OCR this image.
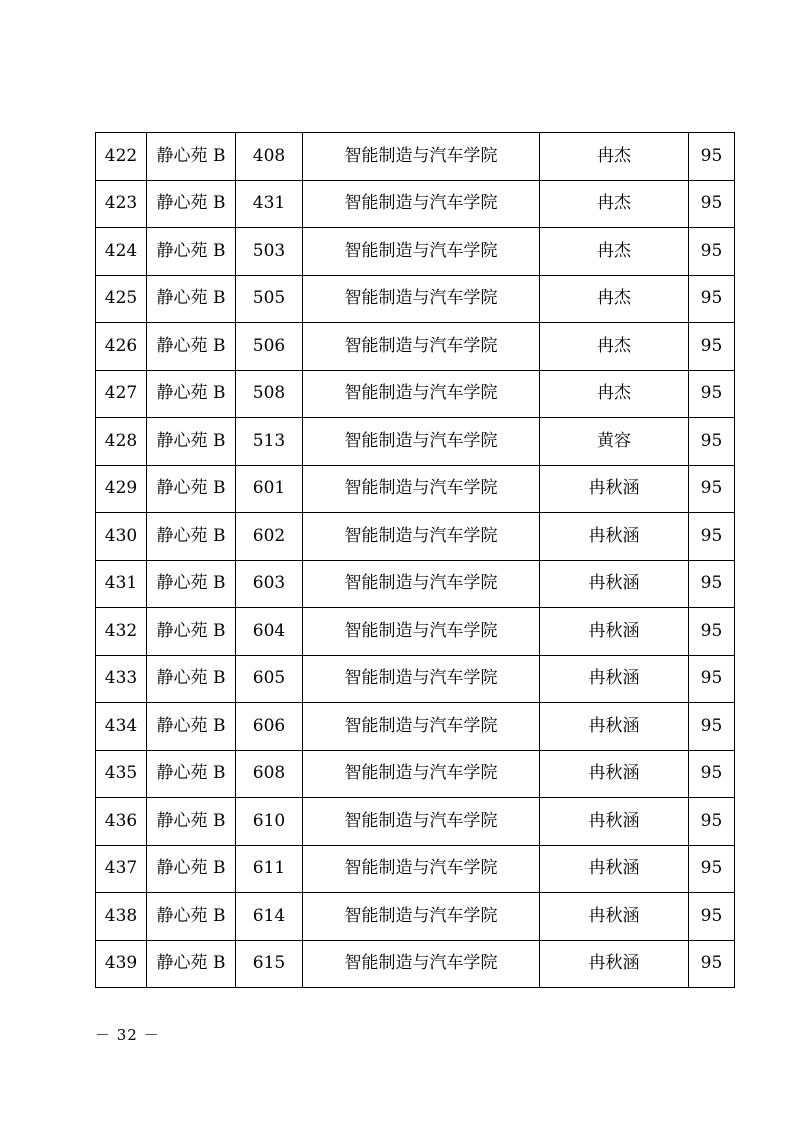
422	静心苑 B	408	智能制造与汽车学院	冉杰	95
423	静心苑 B	431	智能制造与汽车学院	冉杰	95
424	静心苑 B	503	智能制造与汽车学院	冉杰	95
425	静心苑 B	505	智能制造与汽车学院	冉杰	95
426	静心苑 B	506	智能制造与汽车学院	冉杰	95
427	静心苑 B	508	智能制造与汽车学院	冉杰	95
428	静心苑 B	513	智能制造与汽车学院	黄容	95
429	静心苑 B	601	智能制造与汽车学院	冉秋涵	95
430	静心苑 B	602	智能制造与汽车学院	冉秋涵	95
431	静心苑 B	603	智能制造与汽车学院	冉秋涵	95
432	静心苑 B	604	智能制造与汽车学院	冉秋涵	95
433	静心苑 B	605	智能制造与汽车学院	冉秋涵	95
434	静心苑 B	606	智能制造与汽车学院	冉秋涵	95
435	静心苑 B	608	智能制造与汽车学院	冉秋涵	95
436	静心苑 B	610	智能制造与汽车学院	冉秋涵	95
437	静心苑 B	611	智能制造与汽车学院	冉秋涵	95
438	静心苑 B	614	智能制造与汽车学院	冉秋涵	95
439	静心苑 B	615	智能制造与汽车学院	冉秋涵	95
－ 32 －
